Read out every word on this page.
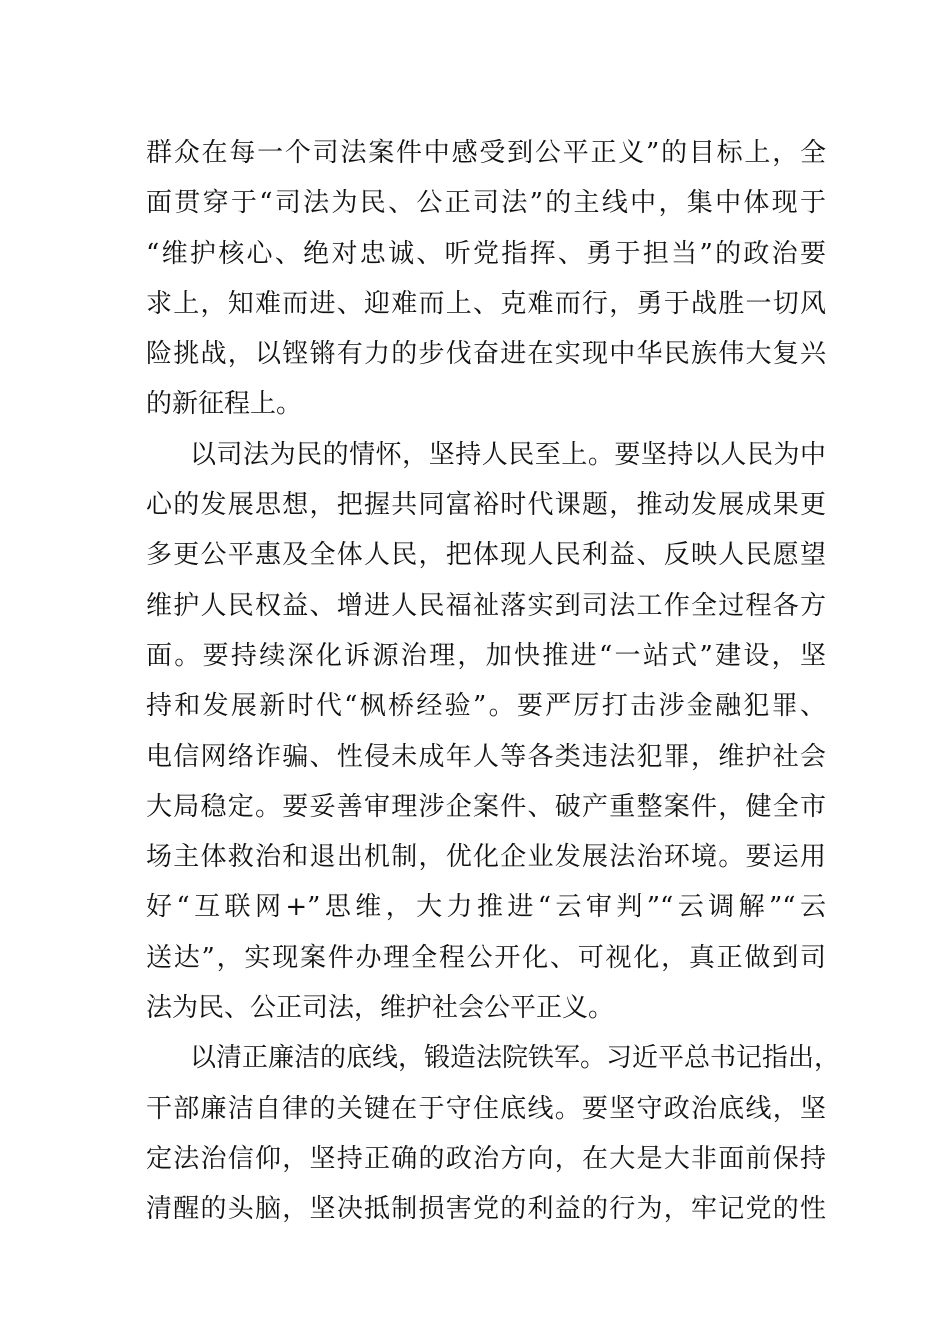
群众在每一个司法案件中感受到公平正义”的目标上，全
面贯穿于“司法为民、公正司法”的主线中，集中体现于
“维护核心、绝对忠诚、听党指挥、勇于担当”的政治要
求上，知难而进、迎难而上、克难而行，勇于战胜一切风
险挑战，以铿锵有力的步伐奋进在实现中华民族伟大复兴
的新征程上。
以司法为民的情怀，坚持人民至上。要坚持以人民为中
心的发展思想，把握共同富裕时代课题，推动发展成果更
多更公平惠及全体人民，把体现人民利益、反映人民愿望
维护人民权益、增进人民福祉落实到司法工作全过程各方
面。要持续深化诉源治理，加快推进“一站式”建设，坚
持和发展新时代“枫桥经验”。要严厉打击涉金融犯罪、
电信网络诈骗、性侵未成年人等各类违法犯罪，维护社会
大局稳定。要妥善审理涉企案件、破产重整案件，健全市
场主体救治和退出机制，优化企业发展法治环境。要运用
好“互联网+”思维，大力推进“云审判”“云调解”“云
送达”，实现案件办理全程公开化、可视化，真正做到司
法为民、公正司法，维护社会公平正义。
以清正廉洁的底线，锻造法院铁军。习近平总书记指出，
干部廉洁自律的关键在于守住底线。要坚守政治底线，坚
定法治信仰，坚持正确的政治方向，在大是大非面前保持
清醒的头脑，坚决抵制损害党的利益的行为，牢记党的性
